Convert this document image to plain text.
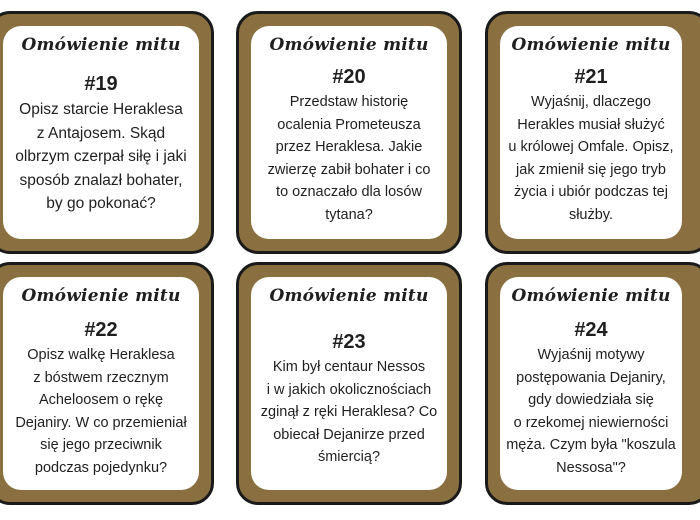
Omówienie mitu
#19
Opisz starcie Heraklesa
z Antajosem. Skąd
olbrzym czerpał siłę i jaki
sposób znalazł bohater,
by go pokonać?
Omówienie mitu
#20
Przedstaw historię
ocalenia Prometeusza
przez Heraklesa. Jakie
zwierzę zabił bohater i co
to oznaczało dla losów
tytana?
Omówienie mitu
#21
Wyjaśnij, dlaczego
Herakles musiał służyć
u królowej Omfale. Opisz,
jak zmienił się jego tryb
życia i ubiór podczas tej
służby.
Omówienie mitu
#22
Opisz walkę Heraklesa
z bóstwem rzecznym
Acheloosem o rękę
Dejaniry. W co przemieniał
się jego przeciwnik
podczas pojedynku?
Omówienie mitu
#23
Kim był centaur Nessos
i w jakich okolicznościach
zginął z ręki Heraklesa? Co
obiecał Dejanirze przed
śmiercią?
Omówienie mitu
#24
Wyjaśnij motywy
postępowania Dejaniry,
gdy dowiedziała się
o rzekomej niewierności
męża. Czym była "koszula
Nessosa"?
